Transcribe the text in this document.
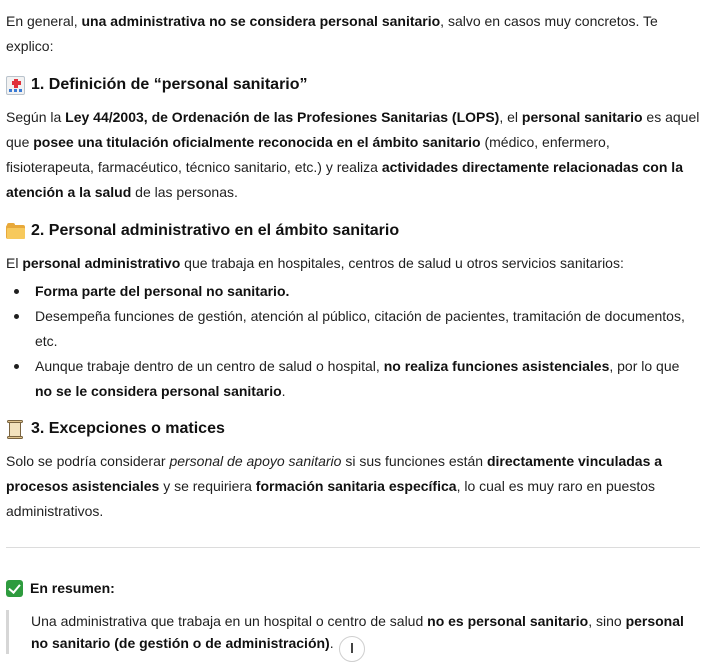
En general, una administrativa no se considera personal sanitario, salvo en casos muy concretos. Te explico:

1. Definición de “personal sanitario”

Según la Ley 44/2003, de Ordenación de las Profesiones Sanitarias (LOPS), el personal sanitario es aquel que posee una titulación oficialmente reconocida en el ámbito sanitario (médico, enfermero, fisioterapeuta, farmacéutico, técnico sanitario, etc.) y realiza actividades directamente relacionadas con la atención a la salud de las personas.

2. Personal administrativo en el ámbito sanitario

El personal administrativo que trabaja en hospitales, centros de salud u otros servicios sanitarios:

Forma parte del personal no sanitario.
Desempeña funciones de gestión, atención al público, citación de pacientes, tramitación de documentos, etc.
Aunque trabaje dentro de un centro de salud o hospital, no realiza funciones asistenciales, por lo que no se le considera personal sanitario.
3. Excepciones o matices

Solo se podría considerar personal de apoyo sanitario si sus funciones están directamente vinculadas a procesos asistenciales y se requiriera formación sanitaria específica, lo cual es muy raro en puestos administrativos.

En resumen:
Una administrativa que trabaja en un hospital o centro de salud no es personal sanitario, sino personal no sanitario (de gestión o de administración).
